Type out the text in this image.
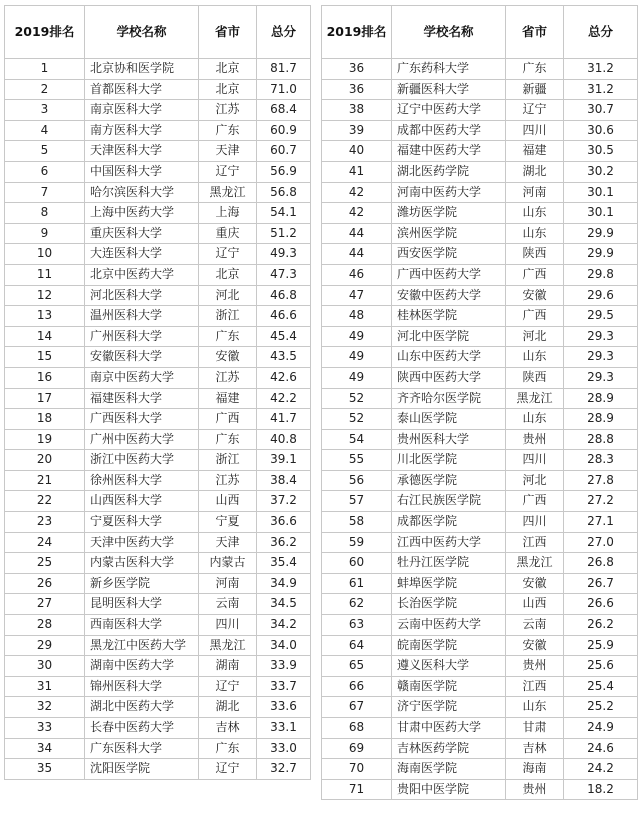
2019排名	学校名称	省市	总分
1	北京协和医学院	北京	81.7
2	首都医科大学	北京	71.0
3	南京医科大学	江苏	68.4
4	南方医科大学	广东	60.9
5	天津医科大学	天津	60.7
6	中国医科大学	辽宁	56.9
7	哈尔滨医科大学	黑龙江	56.8
8	上海中医药大学	上海	54.1
9	重庆医科大学	重庆	51.2
10	大连医科大学	辽宁	49.3
11	北京中医药大学	北京	47.3
12	河北医科大学	河北	46.8
13	温州医科大学	浙江	46.6
14	广州医科大学	广东	45.4
15	安徽医科大学	安徽	43.5
16	南京中医药大学	江苏	42.6
17	福建医科大学	福建	42.2
18	广西医科大学	广西	41.7
19	广州中医药大学	广东	40.8
20	浙江中医药大学	浙江	39.1
21	徐州医科大学	江苏	38.4
22	山西医科大学	山西	37.2
23	宁夏医科大学	宁夏	36.6
24	天津中医药大学	天津	36.2
25	内蒙古医科大学	内蒙古	35.4
26	新乡医学院	河南	34.9
27	昆明医科大学	云南	34.5
28	西南医科大学	四川	34.2
29	黑龙江中医药大学	黑龙江	34.0
30	湖南中医药大学	湖南	33.9
31	锦州医科大学	辽宁	33.7
32	湖北中医药大学	湖北	33.6
33	长春中医药大学	吉林	33.1
34	广东医科大学	广东	33.0
35	沈阳医学院	辽宁	32.7
2019排名	学校名称	省市	总分
36	广东药科大学	广东	31.2
36	新疆医科大学	新疆	31.2
38	辽宁中医药大学	辽宁	30.7
39	成都中医药大学	四川	30.6
40	福建中医药大学	福建	30.5
41	湖北医药学院	湖北	30.2
42	河南中医药大学	河南	30.1
42	潍坊医学院	山东	30.1
44	滨州医学院	山东	29.9
44	西安医学院	陕西	29.9
46	广西中医药大学	广西	29.8
47	安徽中医药大学	安徽	29.6
48	桂林医学院	广西	29.5
49	河北中医学院	河北	29.3
49	山东中医药大学	山东	29.3
49	陕西中医药大学	陕西	29.3
52	齐齐哈尔医学院	黑龙江	28.9
52	泰山医学院	山东	28.9
54	贵州医科大学	贵州	28.8
55	川北医学院	四川	28.3
56	承德医学院	河北	27.8
57	右江民族医学院	广西	27.2
58	成都医学院	四川	27.1
59	江西中医药大学	江西	27.0
60	牡丹江医学院	黑龙江	26.8
61	蚌埠医学院	安徽	26.7
62	长治医学院	山西	26.6
63	云南中医药大学	云南	26.2
64	皖南医学院	安徽	25.9
65	遵义医科大学	贵州	25.6
66	赣南医学院	江西	25.4
67	济宁医学院	山东	25.2
68	甘肃中医药大学	甘肃	24.9
69	吉林医药学院	吉林	24.6
70	海南医学院	海南	24.2
71	贵阳中医学院	贵州	18.2
